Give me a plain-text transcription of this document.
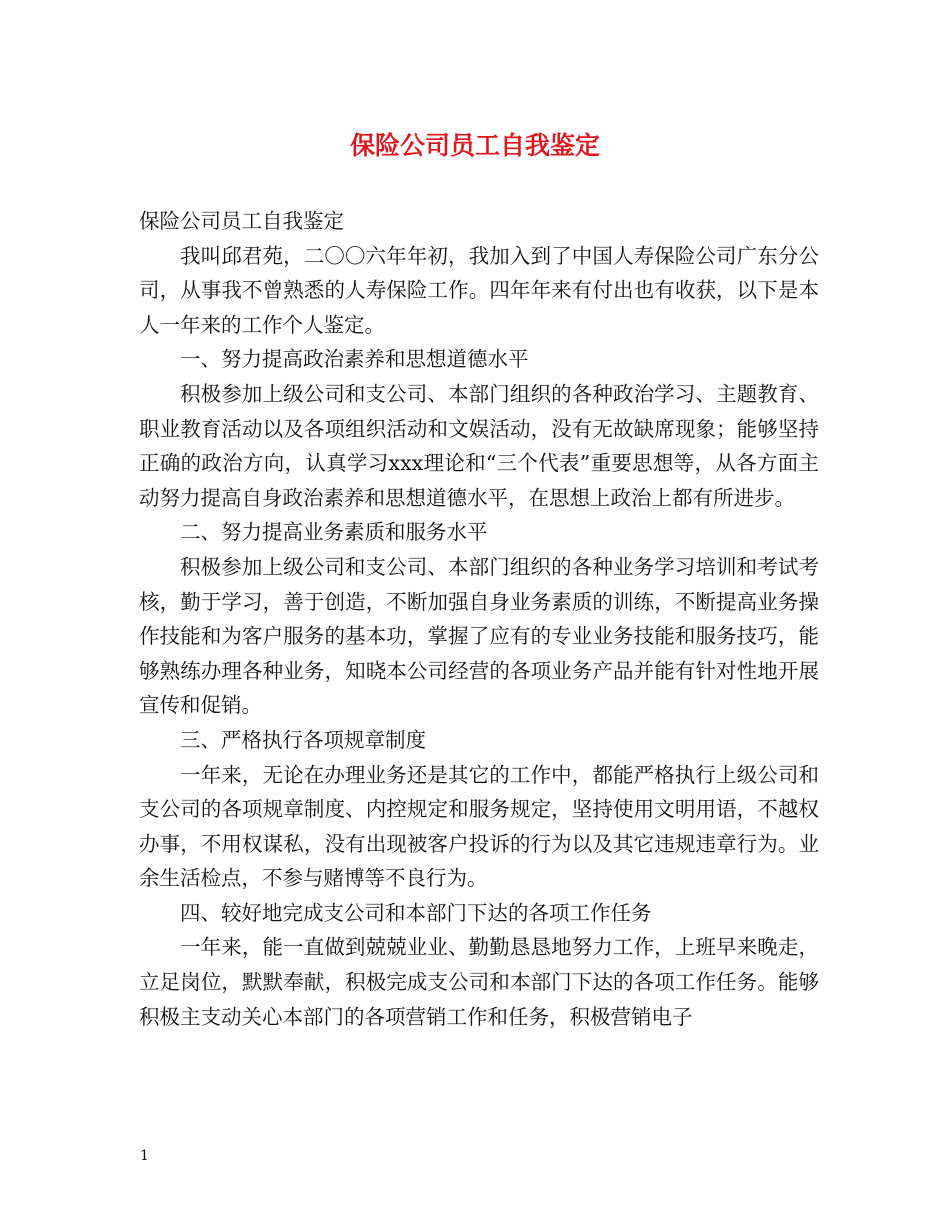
保险公司员工自我鉴定

保险公司员工自我鉴定

我叫邱君苑，二〇〇六年年初，我加入到了中国人寿保险公司广东分公司，从事我不曾熟悉的人寿保险工作。四年年来有付出也有收获，以下是本人一年来的工作个人鉴定。

一、努力提高政治素养和思想道德水平

积极参加上级公司和支公司、本部门组织的各种政治学习、主题教育、职业教育活动以及各项组织活动和文娱活动，没有无故缺席现象；能够坚持正确的政治方向，认真学习xxx理论和“三个代表”重要思想等，从各方面主动努力提高自身政治素养和思想道德水平，在思想上政治上都有所进步。

二、努力提高业务素质和服务水平

积极参加上级公司和支公司、本部门组织的各种业务学习培训和考试考核，勤于学习，善于创造，不断加强自身业务素质的训练，不断提高业务操作技能和为客户服务的基本功，掌握了应有的专业业务技能和服务技巧，能够熟练办理各种业务，知晓本公司经营的各项业务产品并能有针对性地开展宣传和促销。

三、严格执行各项规章制度

一年来，无论在办理业务还是其它的工作中，都能严格执行上级公司和支公司的各项规章制度、内控规定和服务规定，坚持使用文明用语，不越权办事，不用权谋私，没有出现被客户投诉的行为以及其它违规违章行为。业余生活检点，不参与赌博等不良行为。

四、较好地完成支公司和本部门下达的各项工作任务

一年来，能一直做到兢兢业业、勤勤恳恳地努力工作，上班早来晚走，立足岗位，默默奉献，积极完成支公司和本部门下达的各项工作任务。能够积极主支动关心本部门的各项营销工作和任务，积极营销电子

1
